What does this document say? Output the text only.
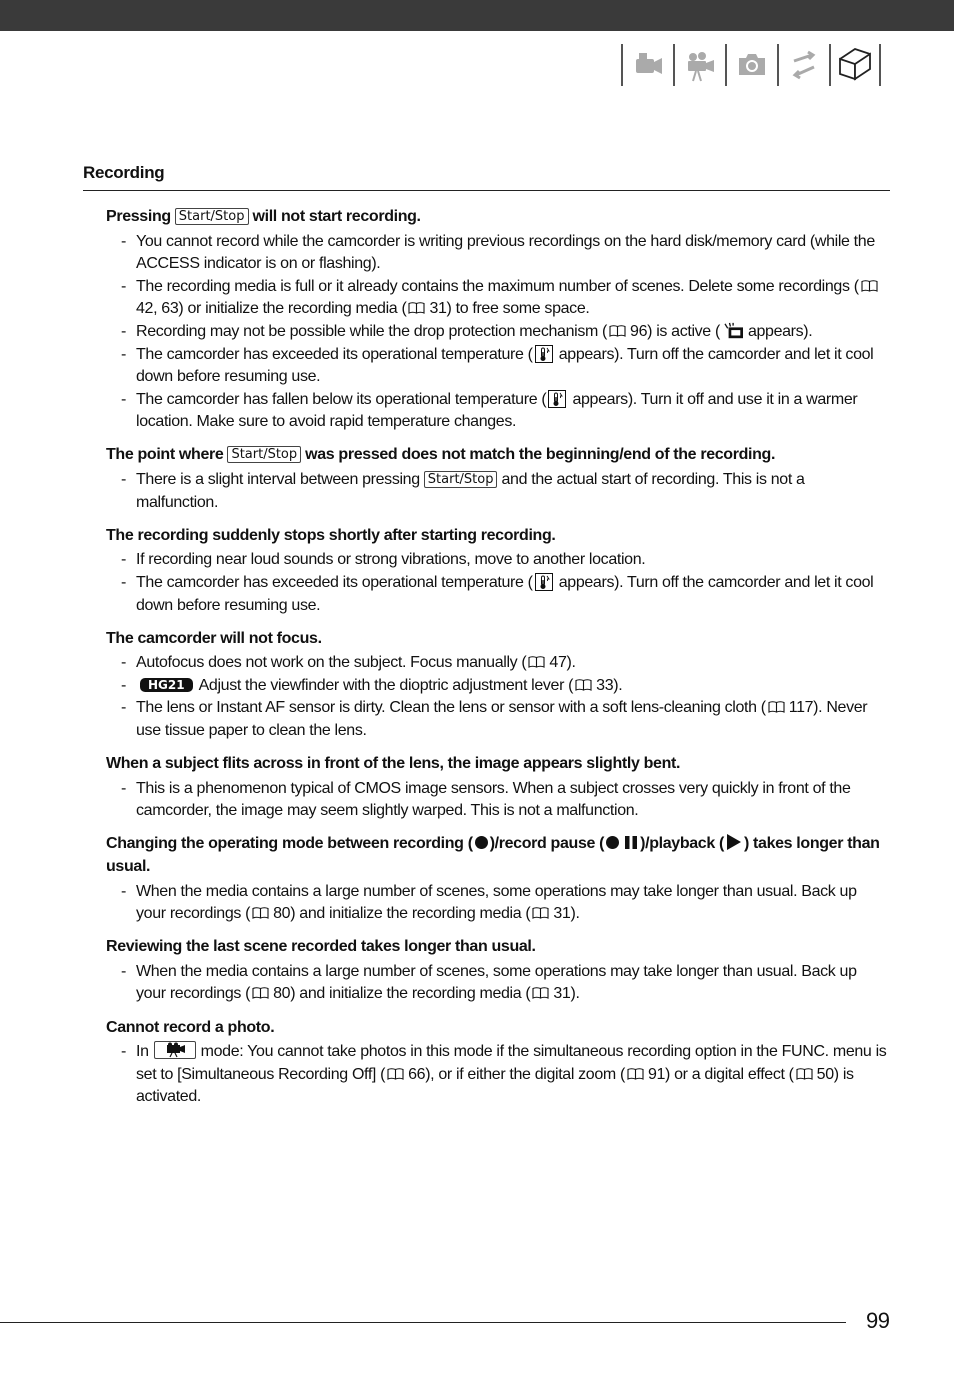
Recording

Pressing Start/Stop will not start recording.

- You cannot record while the camcorder is writing previous recordings on the hard disk/memory card (while the ACCESS indicator is on or flashing).
- The recording media is full or it already contains the maximum number of scenes. Delete some recordings (42, 63) or initialize the recording media ( 31) to free some space.
- Recording may not be possible while the drop protection mechanism ( 96) is active ( appears).
- The camcorder has exceeded its operational temperature ( appears). Turn off the camcorder and let it cool down before resuming use.
- The camcorder has fallen below its operational temperature ( appears). Turn it off and use it in a warmer location. Make sure to avoid rapid temperature changes.

The point where Start/Stop was pressed does not match the beginning/end of the recording.

- There is a slight interval between pressing Start/Stop and the actual start of recording. This is not a malfunction.

The recording suddenly stops shortly after starting recording.

- If recording near loud sounds or strong vibrations, move to another location.
- The camcorder has exceeded its operational temperature ( appears). Turn off the camcorder and let it cool down before resuming use.

The camcorder will not focus.

- Autofocus does not work on the subject. Focus manually ( 47).
- HG21 Adjust the viewfinder with the dioptric adjustment lever ( 33).
- The lens or Instant AF sensor is dirty. Clean the lens or sensor with a soft lens-cleaning cloth ( 117). Never use tissue paper to clean the lens.

When a subject flits across in front of the lens, the image appears slightly bent.

- This is a phenomenon typical of CMOS image sensors. When a subject crosses very quickly in front of the camcorder, the image may seem slightly warped. This is not a malfunction.

Changing the operating mode between recording ( )/record pause ( )/playback ( ) takes longer than usual.

- When the media contains a large number of scenes, some operations may take longer than usual. Back up your recordings ( 80) and initialize the recording media ( 31).

Reviewing the last scene recorded takes longer than usual.

- When the media contains a large number of scenes, some operations may take longer than usual. Back up your recordings ( 80) and initialize the recording media ( 31).

Cannot record a photo.

- In	mode: You cannot take photos in this mode if the simultaneous recording option in the FUNC. menu is set to [Simultaneous Recording Off] ( 66), or if either the digital zoom ( 91) or a digital effect ( 50) is activated.
99
